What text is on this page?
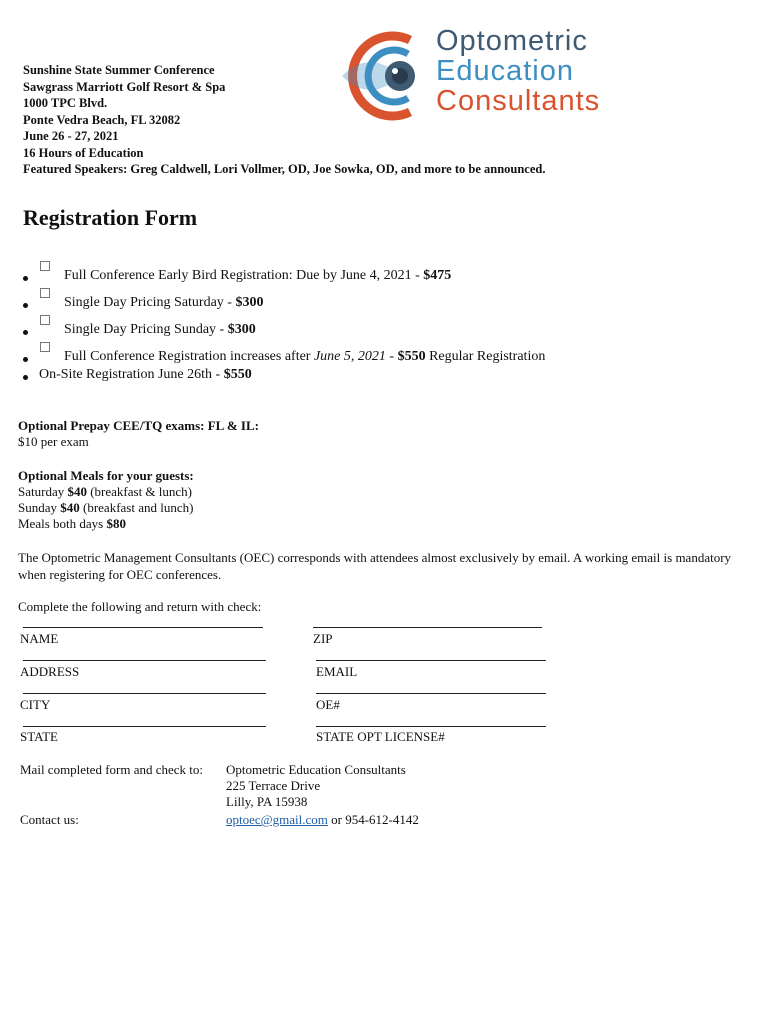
Sunshine State Summer Conference
Sawgrass Marriott Golf Resort & Spa
1000 TPC Blvd.
Ponte Vedra Beach, FL 32082
June 26 - 27, 2021
16 Hours of Education
Featured Speakers: Greg Caldwell, Lori Vollmer, OD, Joe Sowka, OD, and more to be announced.
Optometric
Education
Consultants
Registration Form
Full Conference Early Bird Registration: Due by June 4, 2021 - $475
Single Day Pricing Saturday - $300
Single Day Pricing Sunday - $300
Full Conference Registration increases after June 5, 2021 - $550 Regular Registration
On-Site Registration June 26th - $550
Optional Prepay CEE/TQ exams: FL & IL:
$10 per exam
Optional Meals for your guests:
Saturday $40 (breakfast & lunch)
Sunday $40 (breakfast and lunch)
Meals both days $80
The Optometric Management Consultants (OEC) corresponds with attendees almost exclusively by email. A working email is mandatory when registering for OEC conferences.
Complete the following and return with check:
NAME	ZIP
ADDRESS	EMAIL
CITY	OE#
STATE	STATE OPT LICENSE#
Mail completed form and check to: Optometric Education Consultants
225 Terrace Drive
Lilly, PA 15938
Contact us:	optoec@gmail.com or 954-612-4142
